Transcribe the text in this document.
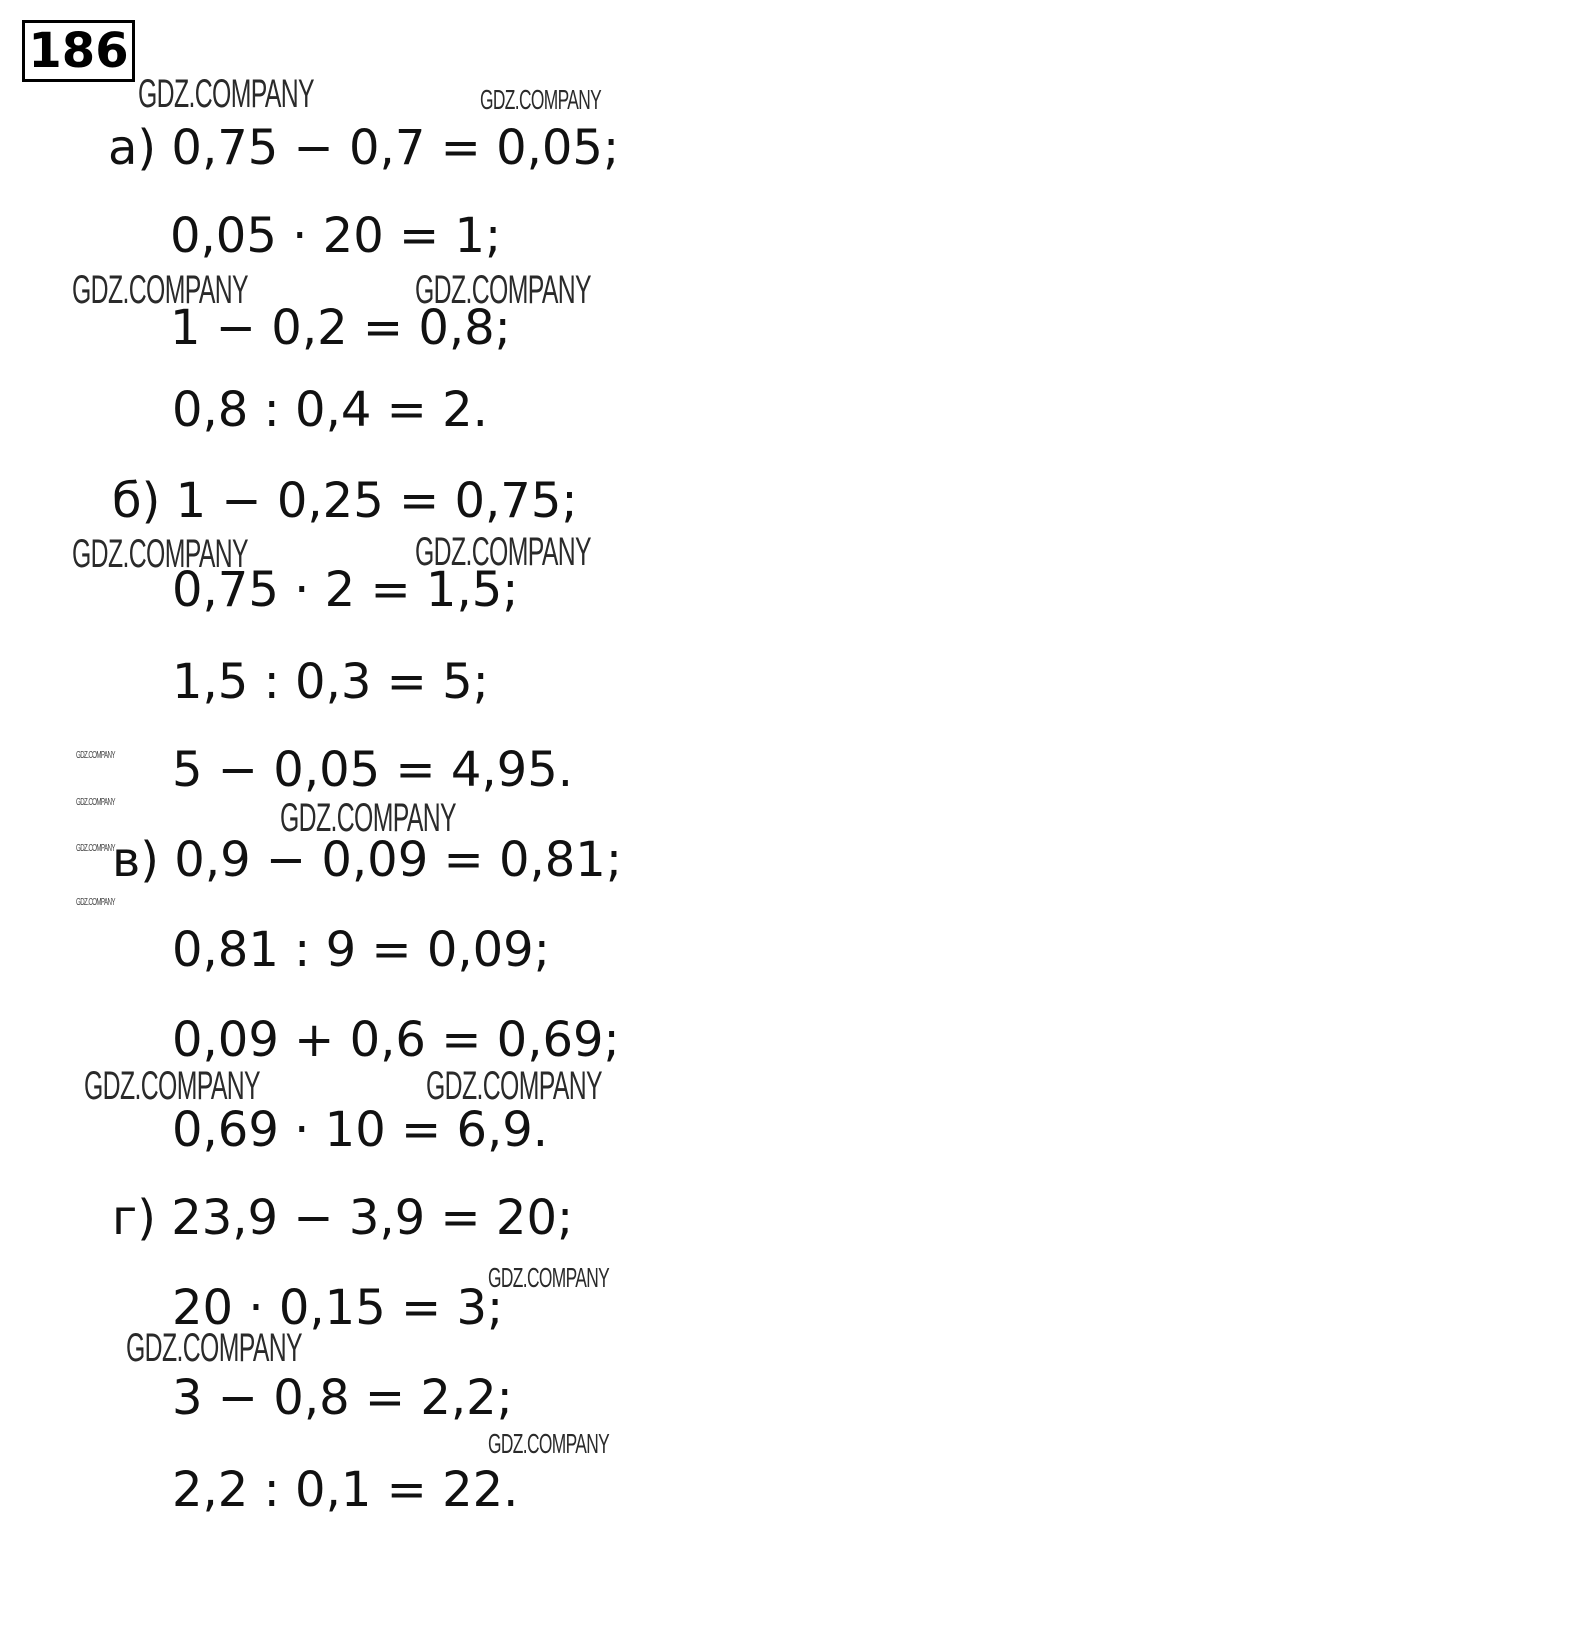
186
а) 0,75 − 0,7 = 0,05;
0,05 · 20 = 1;
1 − 0,2 = 0,8;
0,8 : 0,4 = 2.
б) 1 − 0,25 = 0,75;
0,75 · 2 = 1,5;
1,5 : 0,3 = 5;
5 − 0,05 = 4,95.
в) 0,9 − 0,09 = 0,81;
0,81 : 9 = 0,09;
0,09 + 0,6 = 0,69;
0,69 · 10 = 6,9.
г) 23,9 − 3,9 = 20;
20 · 0,15 = 3;
3 − 0,8 = 2,2;
2,2 : 0,1 = 22.
GDZ.COMPANY	GDZ.COMPANY
GDZ.COMPANY	GDZ.COMPANY
GDZ.COMPANY	GDZ.COMPANY
GDZ.COMPANY
GDZ.COMPANY	GDZ.COMPANY
GDZ.COMPANY
GDZ.COMPANY
GDZ.COMPANY	GDZ.COMPANY
GDZ.COMPANY
GDZ.COMPANY
GDZ.COMPANY
